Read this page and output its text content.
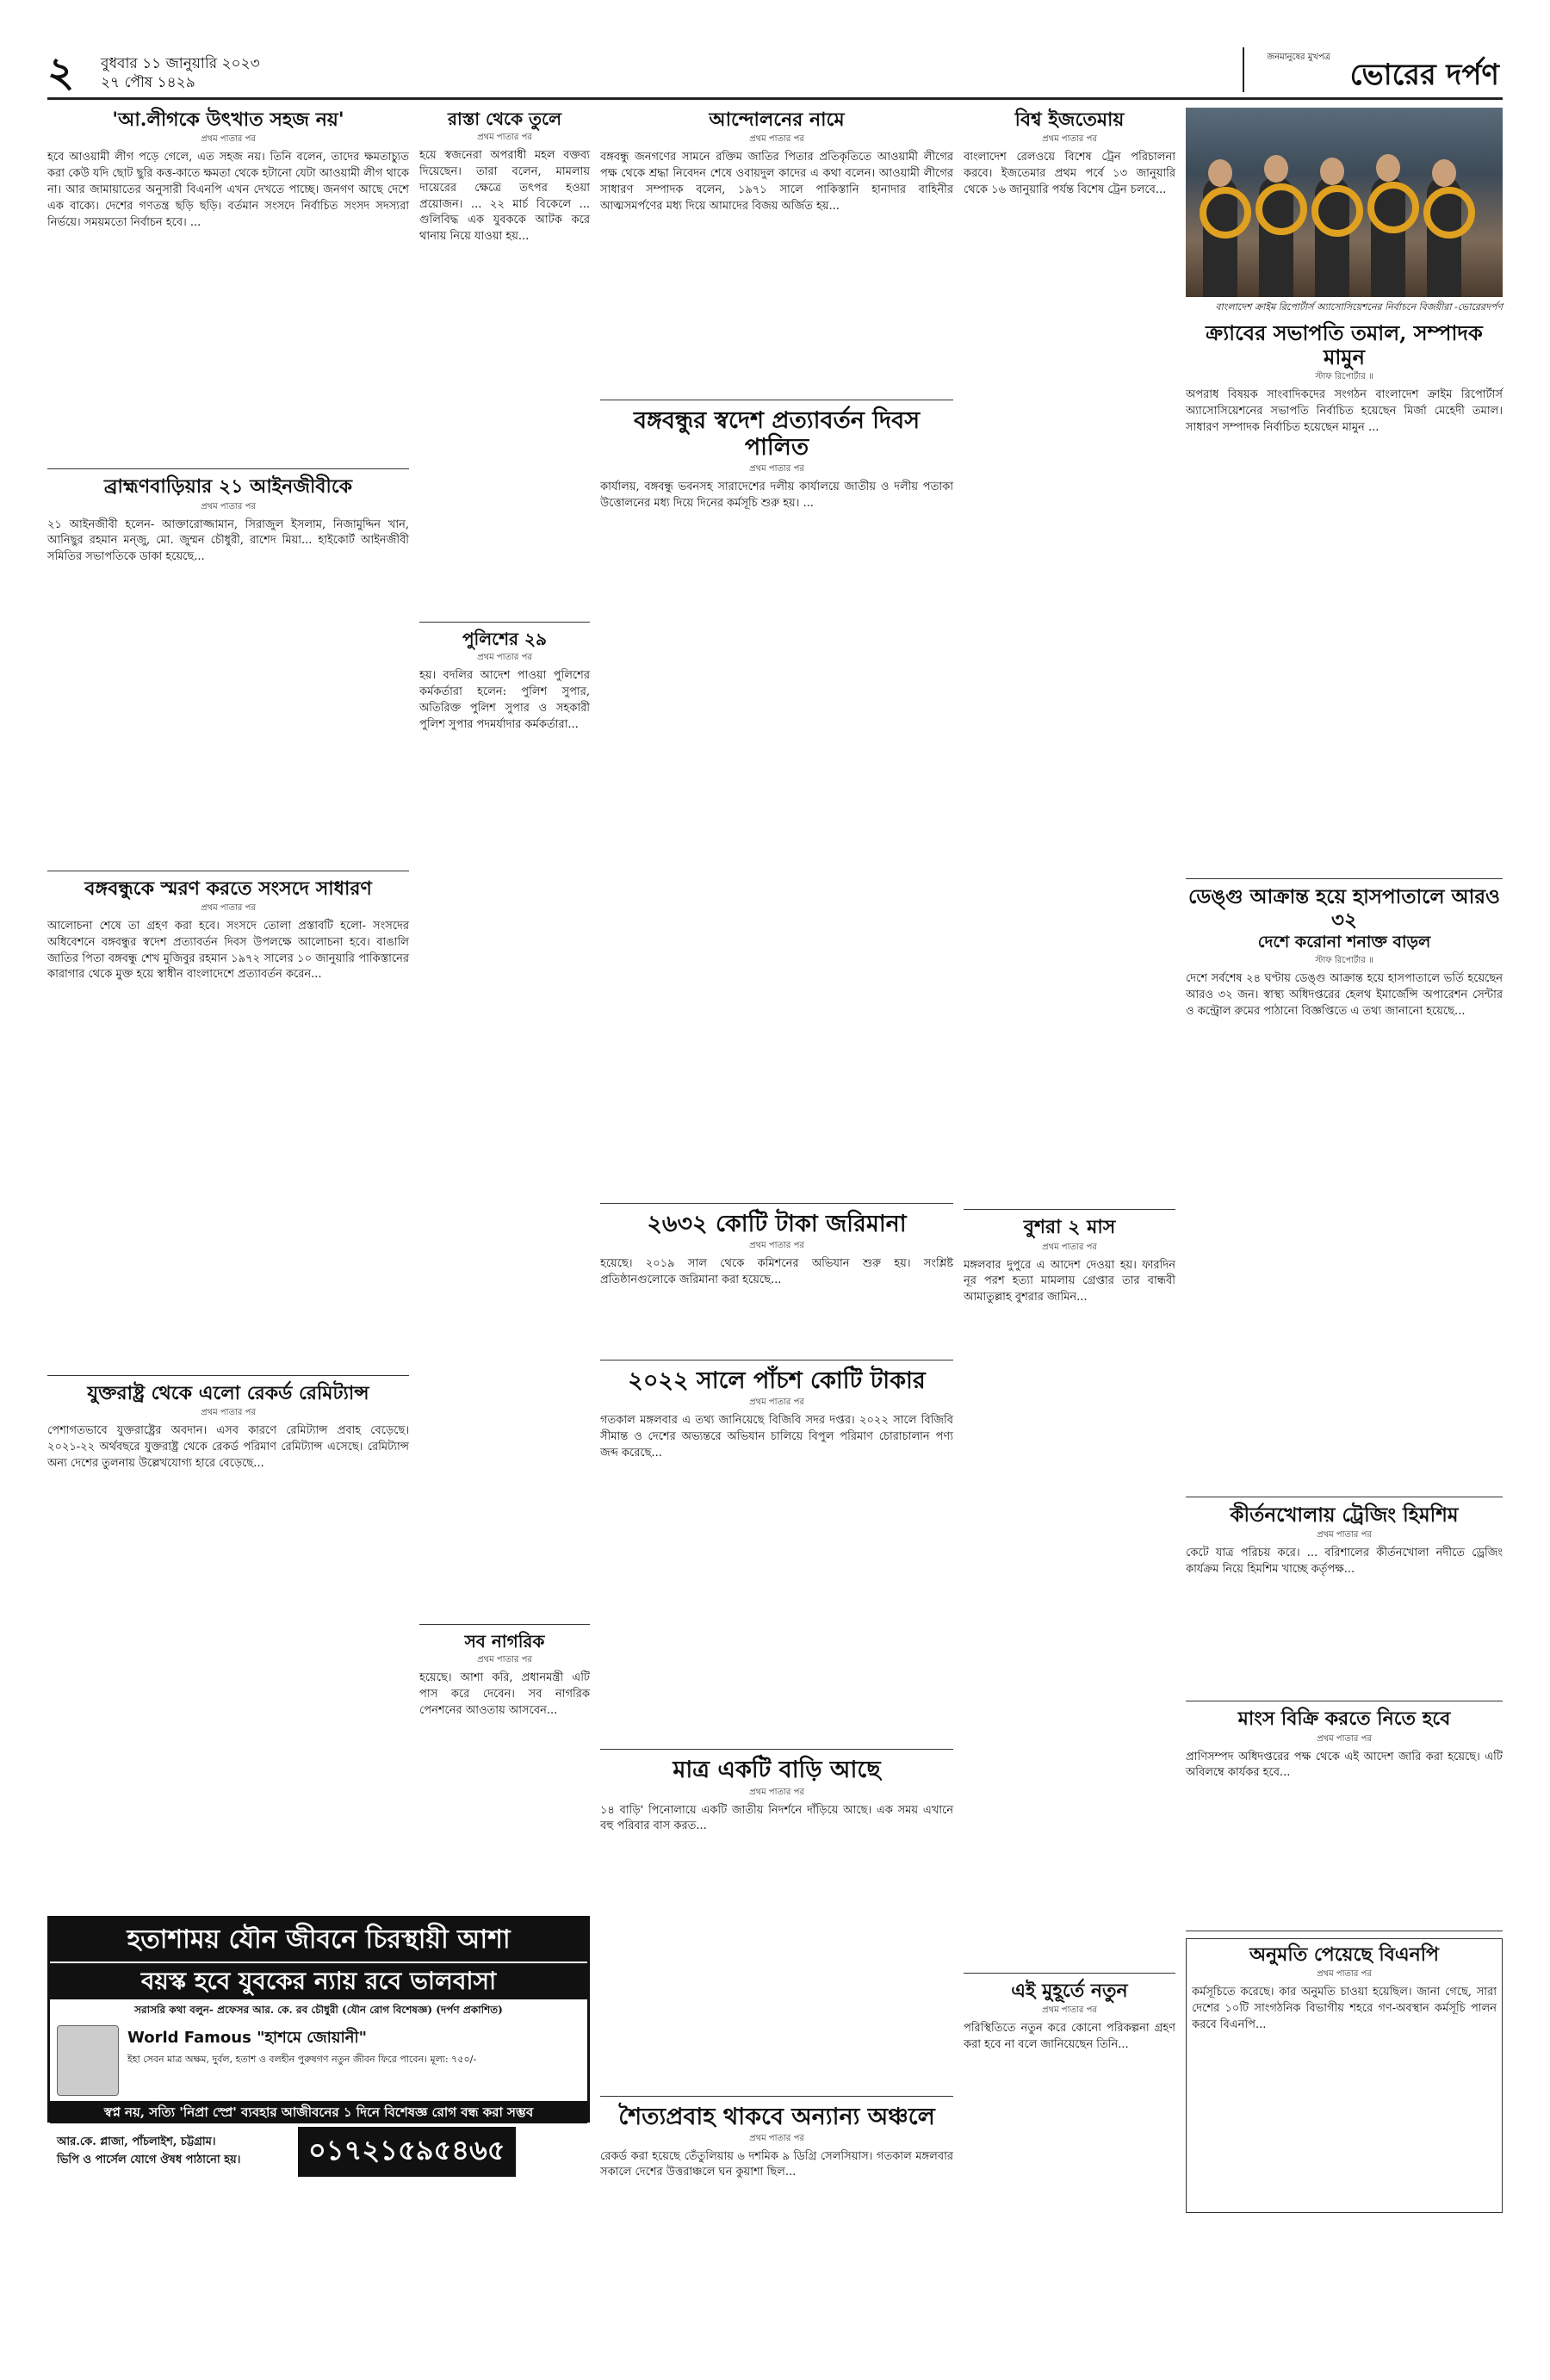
২ বুধবার ১১ জানুয়ারি ২০২৩
২৭ পৌষ ১৪২৯
জনমানুষের মুখপত্র
ভোরের দর্পণ
'আ.লীগকে উৎখাত সহজ নয়'
প্রথম পাতার পর
হবে আওয়ামী লীগ পড়ে গেলে, এত সহজ নয়। তিনি বলেন, তাদের ক্ষমতাচ্যুত করা কেউ যদি ছোট ছুরি কত্ত-কাতে ক্ষমতা থেকে হটানো যেটা আওয়ামী লীগ থাকে না। আর জামায়াতের অনুসারী বিএনপি এখন দেখতে পাচ্ছে। জনগণ আছে দেশে এক বাক্যে। দেশের গণতন্ত্র ছড়ি ছড়ি। বর্তমান সংসদে নির্বাচিত সংসদ সদস্যরা নির্ভয়ে। সময়মতো নির্বাচন হবে। ...
ব্রাহ্মণবাড়িয়ার ২১ আইনজীবীকে
প্রথম পাতার পর
২১ আইনজীবী হলেন- আক্তারোজ্জামান, সিরাজুল ইসলাম, নিজামুদ্দিন খান, আনিছুর রহমান মন্জু, মো. জুম্মন চৌধুরী, রাশেদ মিয়া... হাইকোর্ট আইনজীবী সমিতির সভাপতিকে ডাকা হয়েছে...
বঙ্গবন্ধুকে স্মরণ করতে সংসদে সাধারণ
প্রথম পাতার পর
আলোচনা শেষে তা গ্রহণ করা হবে। সংসদে তোলা প্রস্তাবটি হলো- সংসদের অধিবেশনে বঙ্গবন্ধুর স্বদেশ প্রত্যাবর্তন দিবস উপলক্ষে আলোচনা হবে। বাঙালি জাতির পিতা বঙ্গবন্ধু শেখ মুজিবুর রহমান ১৯৭২ সালের ১০ জানুয়ারি পাকিস্তানের কারাগার থেকে মুক্ত হয়ে স্বাধীন বাংলাদেশে প্রত্যাবর্তন করেন...
যুক্তরাষ্ট্র থেকে এলো রেকর্ড রেমিট্যান্স
প্রথম পাতার পর
পেশাগতভাবে যুক্তরাষ্ট্রের অবদান। এসব কারণে রেমিট্যান্স প্রবাহ বেড়েছে। ২০২১-২২ অর্থবছরে যুক্তরাষ্ট্র থেকে রেকর্ড পরিমাণ রেমিট্যান্স এসেছে। রেমিট্যান্স অন্য দেশের তুলনায় উল্লেখযোগ্য হারে বেড়েছে...
রাস্তা থেকে তুলে
প্রথম পাতার পর
হয়ে স্বজনেরা অপরাধী মহল বক্তব্য দিয়েছেন। তারা বলেন, মামলায় দায়েরের ক্ষেত্রে তৎপর হওয়া প্রয়োজন। ... ২২ মার্চ বিকেলে ... গুলিবিদ্ধ এক যুবককে আটক করে থানায় নিয়ে যাওয়া হয়...
পুলিশের ২৯
প্রথম পাতার পর
হয়। বদলির আদেশ পাওয়া পুলিশের কর্মকর্তারা হলেন: পুলিশ সুপার, অতিরিক্ত পুলিশ সুপার ও সহকারী পুলিশ সুপার পদমর্যাদার কর্মকর্তারা...
সব নাগরিক
প্রথম পাতার পর
হয়েছে। আশা করি, প্রধানমন্ত্রী এটি পাস করে দেবেন। সব নাগরিক পেনশনের আওতায় আসবেন...
আন্দোলনের নামে
প্রথম পাতার পর
বঙ্গবন্ধু জনগণের সামনে রক্তিম জাতির পিতার প্রতিকৃতিতে আওয়ামী লীগের পক্ষ থেকে শ্রদ্ধা নিবেদন শেষে ওবায়দুল কাদের এ কথা বলেন। আওয়ামী লীগের সাধারণ সম্পাদক বলেন, ১৯৭১ সালে পাকিস্তানি হানাদার বাহিনীর আত্মসমর্পণের মধ্য দিয়ে আমাদের বিজয় অর্জিত হয়...
বঙ্গবন্ধুর স্বদেশ প্রত্যাবর্তন দিবস পালিত
প্রথম পাতার পর
কার্যালয়, বঙ্গবন্ধু ভবনসহ সারাদেশের দলীয় কার্যালয়ে জাতীয় ও দলীয় পতাকা উত্তোলনের মধ্য দিয়ে দিনের কর্মসূচি শুরু হয়। ...
২৬৩২ কোটি টাকা জরিমানা
প্রথম পাতার পর
হয়েছে। ২০১৯ সাল থেকে কমিশনের অভিযান শুরু হয়। সংশ্লিষ্ট প্রতিষ্ঠানগুলোকে জরিমানা করা হয়েছে...
২০২২ সালে পাঁচশ কোটি টাকার
প্রথম পাতার পর
গতকাল মঙ্গলবার এ তথ্য জানিয়েছে বিজিবি সদর দপ্তর। ২০২২ সালে বিজিবি সীমান্ত ও দেশের অভ্যন্তরে অভিযান চালিয়ে বিপুল পরিমাণ চোরাচালান পণ্য জব্দ করেছে...
মাত্র একটি বাড়ি আছে
প্রথম পাতার পর
১৪ বাড়ি' পিনোলায়ে একটি জাতীয় নিদর্শনে দাঁড়িয়ে আছে। এক সময় এখানে বহু পরিবার বাস করত...
শৈত্যপ্রবাহ থাকবে অন্যান্য অঞ্চলে
প্রথম পাতার পর
রেকর্ড করা হয়েছে তেঁতুলিয়ায় ৬ দশমিক ৯ ডিগ্রি সেলসিয়াস। গতকাল মঙ্গলবার সকালে দেশের উত্তরাঞ্চলে ঘন কুয়াশা ছিল...
বিশ্ব ইজতেমায়
প্রথম পাতার পর
বাংলাদেশ রেলওয়ে বিশেষ ট্রেন পরিচালনা করবে। ইজতেমার প্রথম পর্বে ১৩ জানুয়ারি থেকে ১৬ জানুয়ারি পর্যন্ত বিশেষ ট্রেন চলবে...
বুশরা ২ মাস
প্রথম পাতার পর
মঙ্গলবার দুপুরে এ আদেশ দেওয়া হয়। ফারদিন নূর পরশ হত্যা মামলায় গ্রেপ্তার তার বান্ধবী আমাতুল্লাহ বুশরার জামিন...
এই মুহূর্তে নতুন
প্রথম পাতার পর
পরিস্থিতিতে নতুন করে কোনো পরিকল্পনা গ্রহণ করা হবে না বলে জানিয়েছেন তিনি...
বাংলাদেশ ক্রাইম রিপোর্টার্স অ্যাসোসিয়েশনের নির্বাচনে বিজয়ীরা -ভোরেরদর্পণ
ক্র্যাবের সভাপতি তমাল, সম্পাদক মামুন
স্টাফ রিপোর্টার ॥
অপরাধ বিষয়ক সাংবাদিকদের সংগঠন বাংলাদেশ ক্রাইম রিপোর্টার্স অ্যাসোসিয়েশনের সভাপতি নির্বাচিত হয়েছেন মির্জা মেহেদী তমাল। সাধারণ সম্পাদক নির্বাচিত হয়েছেন মামুন ...
ডেঙ্গু আক্রান্ত হয়ে হাসপাতালে আরও ৩২
দেশে করোনা শনাক্ত বাড়ল
স্টাফ রিপোর্টার ॥
দেশে সর্বশেষ ২৪ ঘণ্টায় ডেঙ্গু আক্রান্ত হয়ে হাসপাতালে ভর্তি হয়েছেন আরও ৩২ জন। স্বাস্থ্য অধিদপ্তরের হেলথ ইমার্জেন্সি অপারেশন সেন্টার ও কন্ট্রোল রুমের পাঠানো বিজ্ঞপ্তিতে এ তথ্য জানানো হয়েছে...
কীর্তনখোলায় ট্রেজিং হিমশিম
প্রথম পাতার পর
কেটে যাত্র পরিচয় করে। ... বরিশালের কীর্তনখোলা নদীতে ড্রেজিং কার্যক্রম নিয়ে হিমশিম খাচ্ছে কর্তৃপক্ষ...
মাংস বিক্রি করতে নিতে হবে
প্রথম পাতার পর
প্রাণিসম্পদ অধিদপ্তরের পক্ষ থেকে এই আদেশ জারি করা হয়েছে। এটি অবিলম্বে কার্যকর হবে...
অনুমতি পেয়েছে বিএনপি
প্রথম পাতার পর
কর্মসূচিতে করেছে। কার অনুমতি চাওয়া হয়েছিল। জানা গেছে, সারা দেশের ১০টি সাংগঠনিক বিভাগীয় শহরে গণ-অবস্থান কর্মসূচি পালন করবে বিএনপি...
হতাশাময় যৌন জীবনে চিরস্থায়ী আশা
বয়স্ক হবে যুবকের ন্যায় রবে ভালবাসা
সরাসরি কথা বলুন- প্রফেসর আর. কে. রব চৌধুরী (যৌন রোগ বিশেষজ্ঞ) (দর্পণ প্রকাশিত)
World Famous "হাশমে জোয়ানী"
ইহা সেবন মাত্র অক্ষম, দুর্বল, হতাশ ও বলহীন পুরুষগণ নতুন জীবন ফিরে পাবেন। মূল্য: ৭৫০/-
স্বপ্ন নয়, সত্যি 'নিপ্রা স্প্রে' ব্যবহার আজীবনের ১ দিনে বিশেষজ্ঞ রোগ বন্ধ করা সম্ভব
আর.কে. প্লাজা, পাঁচলাইশ, চট্টগ্রাম।
ভিপি ও পার্সেল যোগে ঔষধ পাঠানো হয়।	০১৭২১৫৯৫৪৬৫
